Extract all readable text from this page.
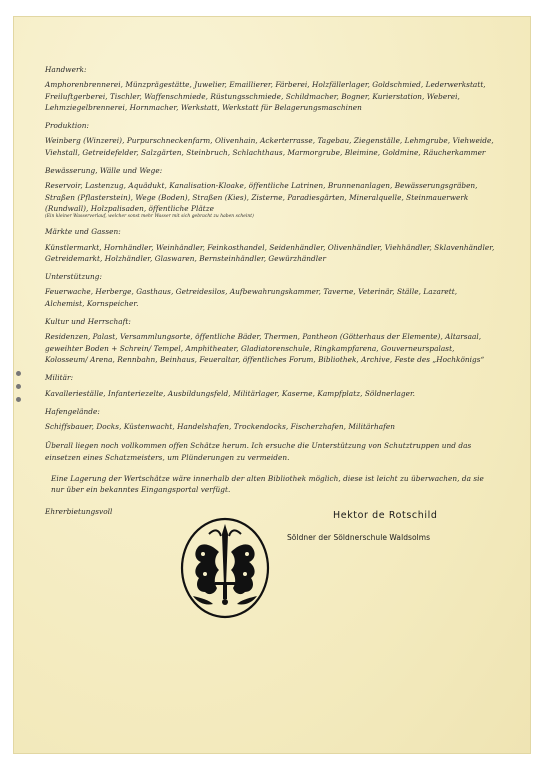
Handwerk:

Amphorenbrennerei, Münzprägestätte, Juwelier, Emaillierer, Färberei, Holzfällerlager, Goldschmied, Lederwerkstatt, Freiluftgerberei, Tischler, Waffenschmiede, Rüstungsschmiede, Schildmacher, Bogner, Kurierstation, Weberei, Lehmziegelbrennerei, Hornmacher, Werkstatt, Werkstatt für Belagerungsmaschinen

Produktion:

Weinberg (Winzerei), Purpurschneckenfarm, Olivenhain, Ackerterrasse, Tagebau, Ziegenställe, Lehmgrube, Viehweide, Viehstall, Getreidefelder, Salzgärten, Steinbruch, Schlachthaus, Marmorgrube, Bleimine, Goldmine, Räucherkammer

Bewässerung, Wälle und Wege:

Reservoir, Lastenzug, Aquädukt, Kanalisation-Kloake, öffentliche Latrinen, Brunnenanlagen, Bewässerungsgräben, Straßen (Pflasterstein), Wege (Boden), Straßen (Kies), Zisterne, Paradiesgärten, Mineralquelle, Steinmauerwerk (Rundwall), Holzpalisaden, öffentliche Plätze
(Ein kleiner Wasserverlauf, welcher sonst mehr Wasser mit sich gebracht zu haben scheint)

Märkte und Gassen:

Künstlermarkt, Hornhändler, Weinhändler, Feinkosthandel, Seidenhändler, Olivenhändler, Viehhändler, Sklavenhändler, Getreidemarkt, Holzhändler, Glaswaren, Bernsteinhändler, Gewürzhändler

Unterstützung:

Feuerwache, Herberge, Gasthaus, Getreidesilos, Aufbewahrungskammer, Taverne, Veterinär, Ställe, Lazarett, Alchemist, Kornspeicher.

Kultur und Herrschaft:

Residenzen, Palast, Versammlungsorte, öffentliche Bäder, Thermen, Pantheon (Götterhaus der Elemente), Altarsaal, geweihter Boden + Schrein/ Tempel, Amphitheater, Gladiatorenschule, Ringkampfarena, Gouverneurspalast, Kolosseum/ Arena, Rennbahn, Beinhaus, Feueraltar, öffentliches Forum, Bibliothek, Archive, Feste des „Hochkönigs“

Militär:

Kavallerieställe, Infanteriezelte, Ausbildungsfeld, Militärlager, Kaserne, Kampfplatz, Söldnerlager.

Hafengelände:

Schiffsbauer, Docks, Küstenwacht, Handelshafen, Trockendocks, Fischerzhafen, Militärhafen

Überall liegen noch vollkommen offen Schätze herum. Ich ersuche die Unterstützung von Schutztruppen und das einsetzen eines Schatzmeisters, um Plünderungen zu vermeiden.

Eine Lagerung der Wertschätze wäre innerhalb der alten Bibliothek möglich, diese ist leicht zu überwachen, da sie nur über ein bekanntes Eingangsportal verfügt.

Ehrerbietungsvoll	Hektor de Rotschild
Söldner der Söldnerschule Waldsolms
